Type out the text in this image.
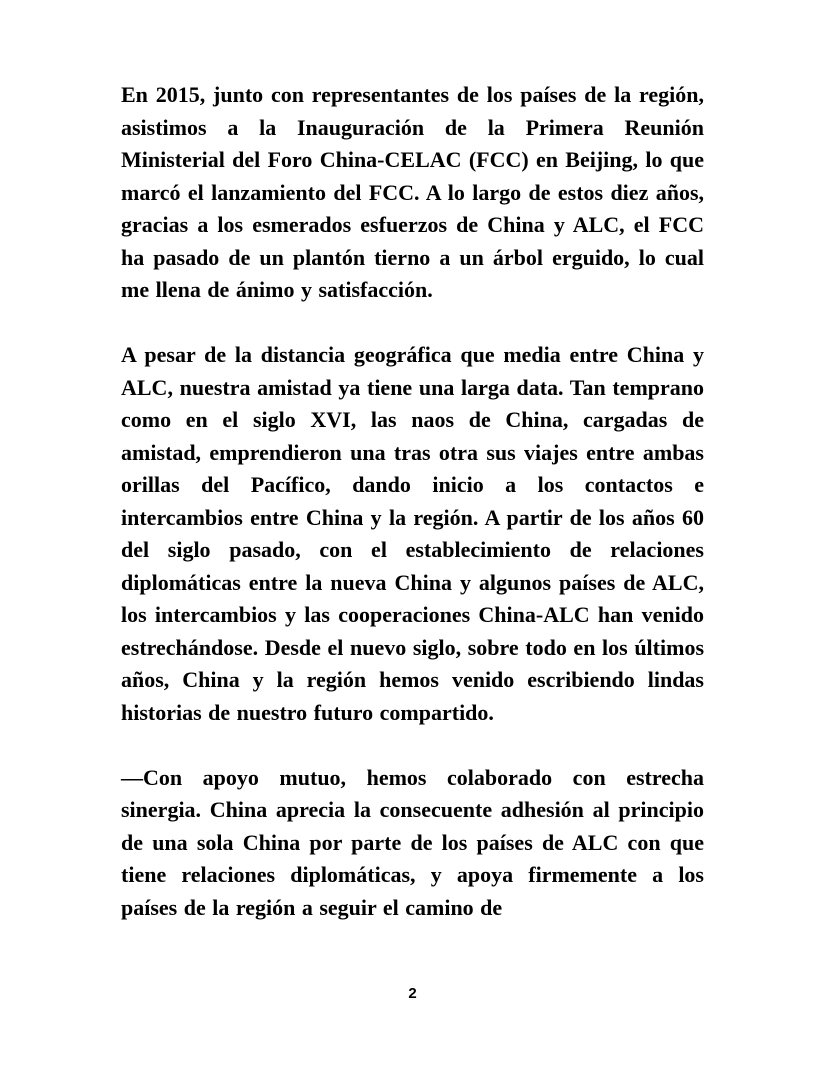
En 2015, junto con representantes de los países de la región, asistimos a la Inauguración de la Primera Reunión Ministerial del Foro China-CELAC (FCC) en Beijing, lo que marcó el lanzamiento del FCC. A lo largo de estos diez años, gracias a los esmerados esfuerzos de China y ALC, el FCC ha pasado de un plantón tierno a un árbol erguido, lo cual me llena de ánimo y satisfacción.

A pesar de la distancia geográfica que media entre China y ALC, nuestra amistad ya tiene una larga data. Tan temprano como en el siglo XVI, las naos de China, cargadas de amistad, emprendieron una tras otra sus viajes entre ambas orillas del Pacífico, dando inicio a los contactos e intercambios entre China y la región. A partir de los años 60 del siglo pasado, con el establecimiento de relaciones diplomáticas entre la nueva China y algunos países de ALC, los intercambios y las cooperaciones China-ALC han venido estrechándose. Desde el nuevo siglo, sobre todo en los últimos años, China y la región hemos venido escribiendo lindas historias de nuestro futuro compartido.

—Con apoyo mutuo, hemos colaborado con estrecha sinergia. China aprecia la consecuente adhesión al principio de una sola China por parte de los países de ALC con que tiene relaciones diplomáticas, y apoya firmemente a los países de la región a seguir el camino de

2
